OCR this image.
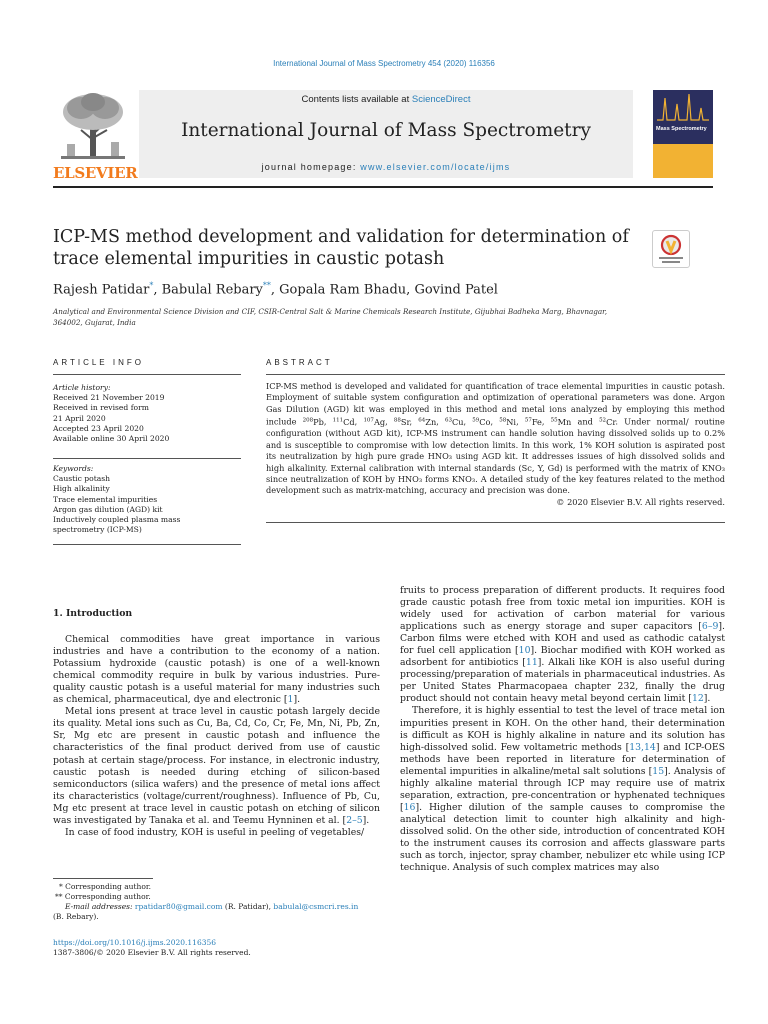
International Journal of Mass Spectrometry 454 (2020) 116356
ELSEVIER
Contents lists available at ScienceDirect
International Journal of Mass Spectrometry
journal homepage: www.elsevier.com/locate/ijms
Mass Spectrometry
ICP-MS method development and validation for determination of trace elemental impurities in caustic potash
Rajesh Patidar*, Babulal Rebary**, Gopala Ram Bhadu, Govind Patel
Analytical and Environmental Science Division and CIF, CSIR-Central Salt & Marine Chemicals Research Institute, Gijubhai Badheka Marg, Bhavnagar, 364002, Gujarat, India
ARTICLE INFO	ABSTRACT
Article history:
Received 21 November 2019
Received in revised form
21 April 2020
Accepted 23 April 2020
Available online 30 April 2020
Keywords:
Caustic potash
High alkalinity
Trace elemental impurities
Argon gas dilution (AGD) kit
Inductively coupled plasma mass
spectrometry (ICP-MS)
ICP-MS method is developed and validated for quantification of trace elemental impurities in caustic potash. Employment of suitable system configuration and optimization of operational parameters was done. Argon Gas Dilution (AGD) kit was employed in this method and metal ions analyzed by employing this method include $^{208}$Pb, $^{111}$Cd, $^{107}$Ag, $^{88}$Sr, $^{64}$Zn, $^{63}$Cu, $^{59}$Co, $^{58}$Ni, $^{57}$Fe, $^{55}$Mn and $^{52}$Cr. Under normal/ routine configuration (without AGD kit), ICP-MS instrument can handle solution having dissolved solids up to 0.2% and is susceptible to compromise with low detection limits. In this work, 1% KOH solution is aspirated post its neutralization by high pure grade HNO₃ using AGD kit. It addresses issues of high dissolved solids and high alkalinity. External calibration with internal standards (Sc, Y, Gd) is performed with the matrix of KNO₃ since neutralization of KOH by HNO₃ forms KNO₃. A detailed study of the key features related to the method development such as matrix-matching, accuracy and precision was done.
© 2020 Elsevier B.V. All rights reserved.
1. Introduction

Chemical commodities have great importance in various industries and have a contribution to the economy of a nation. Potassium hydroxide (caustic potash) is one of a well-known chemical commodity require in bulk by various industries. Pure-quality caustic potash is a useful material for many industries such as chemical, pharmaceutical, dye and electronic [1].

Metal ions present at trace level in caustic potash largely decide its quality. Metal ions such as Cu, Ba, Cd, Co, Cr, Fe, Mn, Ni, Pb, Zn, Sr, Mg etc are present in caustic potash and influence the characteristics of the final product derived from use of caustic potash at certain stage/process. For instance, in electronic industry, caustic potash is needed during etching of silicon-based semiconductors (silica wafers) and the presence of metal ions affect its characteristics (voltage/current/roughness). Influence of Pb, Cu, Mg etc present at trace level in caustic potash on etching of silicon was investigated by Tanaka et al. and Teemu Hynninen et al. [2–5].

In case of food industry, KOH is useful in peeling of vegetables/

fruits to process preparation of different products. It requires food grade caustic potash free from toxic metal ion impurities. KOH is widely used for activation of carbon material for various applications such as energy storage and super capacitors [6–9]. Carbon films were etched with KOH and used as cathodic catalyst for fuel cell application [10]. Biochar modified with KOH worked as adsorbent for antibiotics [11]. Alkali like KOH is also useful during processing/preparation of materials in pharmaceutical industries. As per United States Pharmacopaea chapter 232, finally the drug product should not contain heavy metal beyond certain limit [12].

Therefore, it is highly essential to test the level of trace metal ion impurities present in KOH. On the other hand, their determination is difficult as KOH is highly alkaline in nature and its solution has high-dissolved solid. Few voltametric methods [13,14] and ICP-OES methods have been reported in literature for determination of elemental impurities in alkaline/metal salt solutions [15]. Analysis of highly alkaline material through ICP may require use of matrix separation, extraction, pre-concentration or hyphenated techniques [16]. Higher dilution of the sample causes to compromise the analytical detection limit to counter high alkalinity and high-dissolved solid. On the other side, introduction of concentrated KOH to the instrument causes its corrosion and affects glassware parts such as torch, injector, spray chamber, nebulizer etc while using ICP technique. Analysis of such complex matrices may also

* Corresponding author.
** Corresponding author.
E-mail addresses: rpatidar80@gmail.com (R. Patidar), babulal@csmcri.res.in
(B. Rebary).
https://doi.org/10.1016/j.ijms.2020.116356
1387-3806/© 2020 Elsevier B.V. All rights reserved.
